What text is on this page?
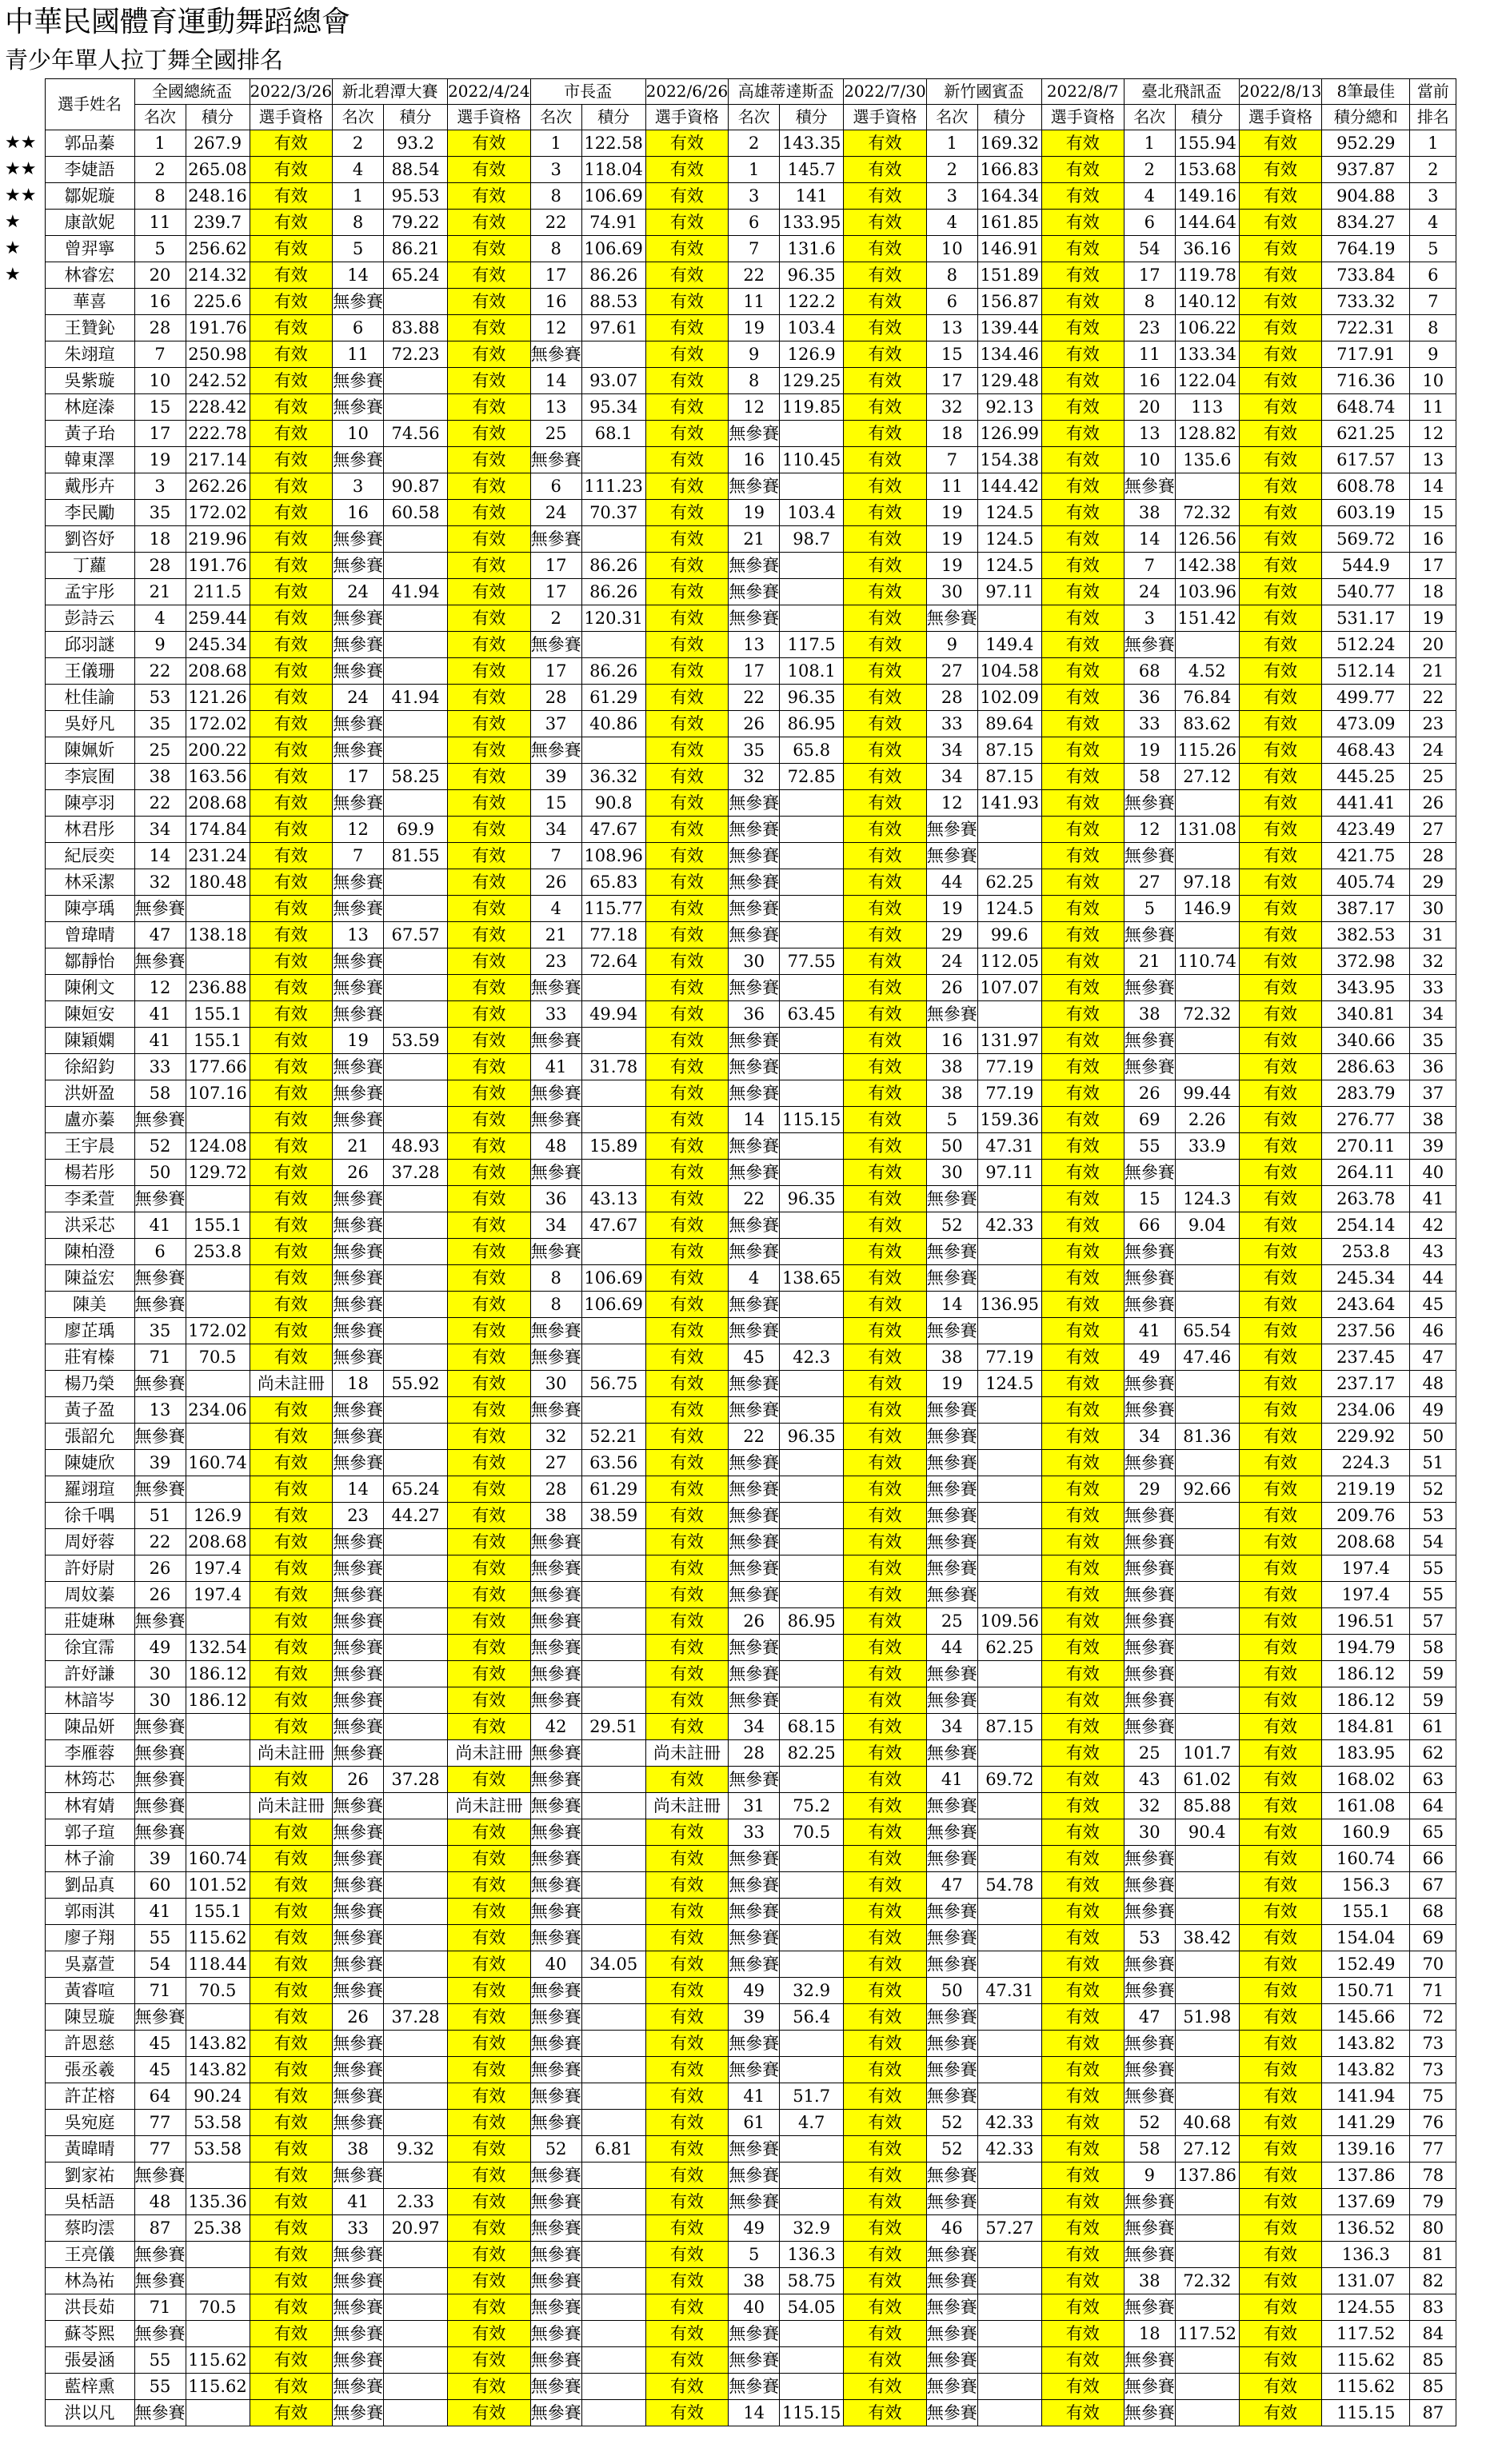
中華民國體育運動舞蹈總會
青少年單人拉丁舞全國排名
	選手姓名	全國總統盃		2022/3/26	新北碧潭大賽		2022/4/24	市長盃		2022/6/26	高雄蒂達斯盃		2022/7/30	新竹國賓盃		2022/8/7	臺北飛訊盃		2022/8/13	8筆最佳	當前
		名次	積分	選手資格	名次	積分	選手資格	名次	積分	選手資格	名次	積分	選手資格	名次	積分	選手資格	名次	積分	選手資格	積分總和	排名
★★	郭品蓁	1	267.9	有效	2	93.2	有效	1	122.58	有效	2	143.35	有效	1	169.32	有效	1	155.94	有效	952.29	1
★★	李婕語	2	265.08	有效	4	88.54	有效	3	118.04	有效	1	145.7	有效	2	166.83	有效	2	153.68	有效	937.87	2
★★	鄒妮璇	8	248.16	有效	1	95.53	有效	8	106.69	有效	3	141	有效	3	164.34	有效	4	149.16	有效	904.88	3
★	康歆妮	11	239.7	有效	8	79.22	有效	22	74.91	有效	6	133.95	有效	4	161.85	有效	6	144.64	有效	834.27	4
★	曾羿寧	5	256.62	有效	5	86.21	有效	8	106.69	有效	7	131.6	有效	10	146.91	有效	54	36.16	有效	764.19	5
★	林睿宏	20	214.32	有效	14	65.24	有效	17	86.26	有效	22	96.35	有效	8	151.89	有效	17	119.78	有效	733.84	6
	華喜	16	225.6	有效	無參賽		有效	16	88.53	有效	11	122.2	有效	6	156.87	有效	8	140.12	有效	733.32	7
	王贊鈊	28	191.76	有效	6	83.88	有效	12	97.61	有效	19	103.4	有效	13	139.44	有效	23	106.22	有效	722.31	8
	朱翊瑄	7	250.98	有效	11	72.23	有效	無參賽		有效	9	126.9	有效	15	134.46	有效	11	133.34	有效	717.91	9
	吳紫璇	10	242.52	有效	無參賽		有效	14	93.07	有效	8	129.25	有效	17	129.48	有效	16	122.04	有效	716.36	10
	林庭溱	15	228.42	有效	無參賽		有效	13	95.34	有效	12	119.85	有效	32	92.13	有效	20	113	有效	648.74	11
	黃子珆	17	222.78	有效	10	74.56	有效	25	68.1	有效	無參賽		有效	18	126.99	有效	13	128.82	有效	621.25	12
	韓東澤	19	217.14	有效	無參賽		有效	無參賽		有效	16	110.45	有效	7	154.38	有效	10	135.6	有效	617.57	13
	戴彤卉	3	262.26	有效	3	90.87	有效	6	111.23	有效	無參賽		有效	11	144.42	有效	無參賽		有效	608.78	14
	李民勵	35	172.02	有效	16	60.58	有效	24	70.37	有效	19	103.4	有效	19	124.5	有效	38	72.32	有效	603.19	15
	劉咨妤	18	219.96	有效	無參賽		有效	無參賽		有效	21	98.7	有效	19	124.5	有效	14	126.56	有效	569.72	16
	丁蘿	28	191.76	有效	無參賽		有效	17	86.26	有效	無參賽		有效	19	124.5	有效	7	142.38	有效	544.9	17
	孟宇彤	21	211.5	有效	24	41.94	有效	17	86.26	有效	無參賽		有效	30	97.11	有效	24	103.96	有效	540.77	18
	彭詩云	4	259.44	有效	無參賽		有效	2	120.31	有效	無參賽		有效	無參賽		有效	3	151.42	有效	531.17	19
	邱羽謎	9	245.34	有效	無參賽		有效	無參賽		有效	13	117.5	有效	9	149.4	有效	無參賽		有效	512.24	20
	王儀珊	22	208.68	有效	無參賽		有效	17	86.26	有效	17	108.1	有效	27	104.58	有效	68	4.52	有效	512.14	21
	杜佳諭	53	121.26	有效	24	41.94	有效	28	61.29	有效	22	96.35	有效	28	102.09	有效	36	76.84	有效	499.77	22
	吳妤凡	35	172.02	有效	無參賽		有效	37	40.86	有效	26	86.95	有效	33	89.64	有效	33	83.62	有效	473.09	23
	陳姵妡	25	200.22	有效	無參賽		有效	無參賽		有效	35	65.8	有效	34	87.15	有效	19	115.26	有效	468.43	24
	李宸囿	38	163.56	有效	17	58.25	有效	39	36.32	有效	32	72.85	有效	34	87.15	有效	58	27.12	有效	445.25	25
	陳亭羽	22	208.68	有效	無參賽		有效	15	90.8	有效	無參賽		有效	12	141.93	有效	無參賽		有效	441.41	26
	林君彤	34	174.84	有效	12	69.9	有效	34	47.67	有效	無參賽		有效	無參賽		有效	12	131.08	有效	423.49	27
	紀辰奕	14	231.24	有效	7	81.55	有效	7	108.96	有效	無參賽		有效	無參賽		有效	無參賽		有效	421.75	28
	林采潔	32	180.48	有效	無參賽		有效	26	65.83	有效	無參賽		有效	44	62.25	有效	27	97.18	有效	405.74	29
	陳亭瑀	無參賽		有效	無參賽		有效	4	115.77	有效	無參賽		有效	19	124.5	有效	5	146.9	有效	387.17	30
	曾瑋晴	47	138.18	有效	13	67.57	有效	21	77.18	有效	無參賽		有效	29	99.6	有效	無參賽		有效	382.53	31
	鄒靜怡	無參賽		有效	無參賽		有效	23	72.64	有效	30	77.55	有效	24	112.05	有效	21	110.74	有效	372.98	32
	陳俐文	12	236.88	有效	無參賽		有效	無參賽		有效	無參賽		有效	26	107.07	有效	無參賽		有效	343.95	33
	陳姮安	41	155.1	有效	無參賽		有效	33	49.94	有效	36	63.45	有效	無參賽		有效	38	72.32	有效	340.81	34
	陳穎嫻	41	155.1	有效	19	53.59	有效	無參賽		有效	無參賽		有效	16	131.97	有效	無參賽		有效	340.66	35
	徐紹鈞	33	177.66	有效	無參賽		有效	41	31.78	有效	無參賽		有效	38	77.19	有效	無參賽		有效	286.63	36
	洪妍盈	58	107.16	有效	無參賽		有效	無參賽		有效	無參賽		有效	38	77.19	有效	26	99.44	有效	283.79	37
	盧亦蓁	無參賽		有效	無參賽		有效	無參賽		有效	14	115.15	有效	5	159.36	有效	69	2.26	有效	276.77	38
	王宇晨	52	124.08	有效	21	48.93	有效	48	15.89	有效	無參賽		有效	50	47.31	有效	55	33.9	有效	270.11	39
	楊若彤	50	129.72	有效	26	37.28	有效	無參賽		有效	無參賽		有效	30	97.11	有效	無參賽		有效	264.11	40
	李柔萱	無參賽		有效	無參賽		有效	36	43.13	有效	22	96.35	有效	無參賽		有效	15	124.3	有效	263.78	41
	洪采芯	41	155.1	有效	無參賽		有效	34	47.67	有效	無參賽		有效	52	42.33	有效	66	9.04	有效	254.14	42
	陳柏澄	6	253.8	有效	無參賽		有效	無參賽		有效	無參賽		有效	無參賽		有效	無參賽		有效	253.8	43
	陳益宏	無參賽		有效	無參賽		有效	8	106.69	有效	4	138.65	有效	無參賽		有效	無參賽		有效	245.34	44
	陳美	無參賽		有效	無參賽		有效	8	106.69	有效	無參賽		有效	14	136.95	有效	無參賽		有效	243.64	45
	廖芷瑀	35	172.02	有效	無參賽		有效	無參賽		有效	無參賽		有效	無參賽		有效	41	65.54	有效	237.56	46
	莊宥榛	71	70.5	有效	無參賽		有效	無參賽		有效	45	42.3	有效	38	77.19	有效	49	47.46	有效	237.45	47
	楊乃榮	無參賽		尚未註冊	18	55.92	有效	30	56.75	有效	無參賽		有效	19	124.5	有效	無參賽		有效	237.17	48
	黃子盈	13	234.06	有效	無參賽		有效	無參賽		有效	無參賽		有效	無參賽		有效	無參賽		有效	234.06	49
	張韶允	無參賽		有效	無參賽		有效	32	52.21	有效	22	96.35	有效	無參賽		有效	34	81.36	有效	229.92	50
	陳婕欣	39	160.74	有效	無參賽		有效	27	63.56	有效	無參賽		有效	無參賽		有效	無參賽		有效	224.3	51
	羅翊瑄	無參賽		有效	14	65.24	有效	28	61.29	有效	無參賽		有效	無參賽		有效	29	92.66	有效	219.19	52
	徐千喁	51	126.9	有效	23	44.27	有效	38	38.59	有效	無參賽		有效	無參賽		有效	無參賽		有效	209.76	53
	周妤蓉	22	208.68	有效	無參賽		有效	無參賽		有效	無參賽		有效	無參賽		有效	無參賽		有效	208.68	54
	許妤尉	26	197.4	有效	無參賽		有效	無參賽		有效	無參賽		有效	無參賽		有效	無參賽		有效	197.4	55
	周妏蓁	26	197.4	有效	無參賽		有效	無參賽		有效	無參賽		有效	無參賽		有效	無參賽		有效	197.4	55
	莊婕琳	無參賽		有效	無參賽		有效	無參賽		有效	26	86.95	有效	25	109.56	有效	無參賽		有效	196.51	57
	徐宜霈	49	132.54	有效	無參賽		有效	無參賽		有效	無參賽		有效	44	62.25	有效	無參賽		有效	194.79	58
	許妤謙	30	186.12	有效	無參賽		有效	無參賽		有效	無參賽		有效	無參賽		有效	無參賽		有效	186.12	59
	林諳岑	30	186.12	有效	無參賽		有效	無參賽		有效	無參賽		有效	無參賽		有效	無參賽		有效	186.12	59
	陳品妍	無參賽		有效	無參賽		有效	42	29.51	有效	34	68.15	有效	34	87.15	有效	無參賽		有效	184.81	61
	李雁蓉	無參賽		尚未註冊	無參賽		尚未註冊	無參賽		尚未註冊	28	82.25	有效	無參賽		有效	25	101.7	有效	183.95	62
	林筠芯	無參賽		有效	26	37.28	有效	無參賽		有效	無參賽		有效	41	69.72	有效	43	61.02	有效	168.02	63
	林宥婧	無參賽		尚未註冊	無參賽		尚未註冊	無參賽		尚未註冊	31	75.2	有效	無參賽		有效	32	85.88	有效	161.08	64
	郭子瑄	無參賽		有效	無參賽		有效	無參賽		有效	33	70.5	有效	無參賽		有效	30	90.4	有效	160.9	65
	林子渝	39	160.74	有效	無參賽		有效	無參賽		有效	無參賽		有效	無參賽		有效	無參賽		有效	160.74	66
	劉品真	60	101.52	有效	無參賽		有效	無參賽		有效	無參賽		有效	47	54.78	有效	無參賽		有效	156.3	67
	郭雨淇	41	155.1	有效	無參賽		有效	無參賽		有效	無參賽		有效	無參賽		有效	無參賽		有效	155.1	68
	廖子翔	55	115.62	有效	無參賽		有效	無參賽		有效	無參賽		有效	無參賽		有效	53	38.42	有效	154.04	69
	吳嘉萱	54	118.44	有效	無參賽		有效	40	34.05	有效	無參賽		有效	無參賽		有效	無參賽		有效	152.49	70
	黃睿喧	71	70.5	有效	無參賽		有效	無參賽		有效	49	32.9	有效	50	47.31	有效	無參賽		有效	150.71	71
	陳昱璇	無參賽		有效	26	37.28	有效	無參賽		有效	39	56.4	有效	無參賽		有效	47	51.98	有效	145.66	72
	許恩慈	45	143.82	有效	無參賽		有效	無參賽		有效	無參賽		有效	無參賽		有效	無參賽		有效	143.82	73
	張丞羲	45	143.82	有效	無參賽		有效	無參賽		有效	無參賽		有效	無參賽		有效	無參賽		有效	143.82	73
	許芷榕	64	90.24	有效	無參賽		有效	無參賽		有效	41	51.7	有效	無參賽		有效	無參賽		有效	141.94	75
	吳宛庭	77	53.58	有效	無參賽		有效	無參賽		有效	61	4.7	有效	52	42.33	有效	52	40.68	有效	141.29	76
	黃暐晴	77	53.58	有效	38	9.32	有效	52	6.81	有效	無參賽		有效	52	42.33	有效	58	27.12	有效	139.16	77
	劉家祐	無參賽		有效	無參賽		有效	無參賽		有效	無參賽		有效	無參賽		有效	9	137.86	有效	137.86	78
	吳栝語	48	135.36	有效	41	2.33	有效	無參賽		有效	無參賽		有效	無參賽		有效	無參賽		有效	137.69	79
	蔡昀澐	87	25.38	有效	33	20.97	有效	無參賽		有效	49	32.9	有效	46	57.27	有效	無參賽		有效	136.52	80
	王亮儀	無參賽		有效	無參賽		有效	無參賽		有效	5	136.3	有效	無參賽		有效	無參賽		有效	136.3	81
	林為祐	無參賽		有效	無參賽		有效	無參賽		有效	38	58.75	有效	無參賽		有效	38	72.32	有效	131.07	82
	洪長茹	71	70.5	有效	無參賽		有效	無參賽		有效	40	54.05	有效	無參賽		有效	無參賽		有效	124.55	83
	蘇苓熙	無參賽		有效	無參賽		有效	無參賽		有效	無參賽		有效	無參賽		有效	18	117.52	有效	117.52	84
	張晏涵	55	115.62	有效	無參賽		有效	無參賽		有效	無參賽		有效	無參賽		有效	無參賽		有效	115.62	85
	藍梓熏	55	115.62	有效	無參賽		有效	無參賽		有效	無參賽		有效	無參賽		有效	無參賽		有效	115.62	85
	洪以凡	無參賽		有效	無參賽		有效	無參賽		有效	14	115.15	有效	無參賽		有效	無參賽		有效	115.15	87
